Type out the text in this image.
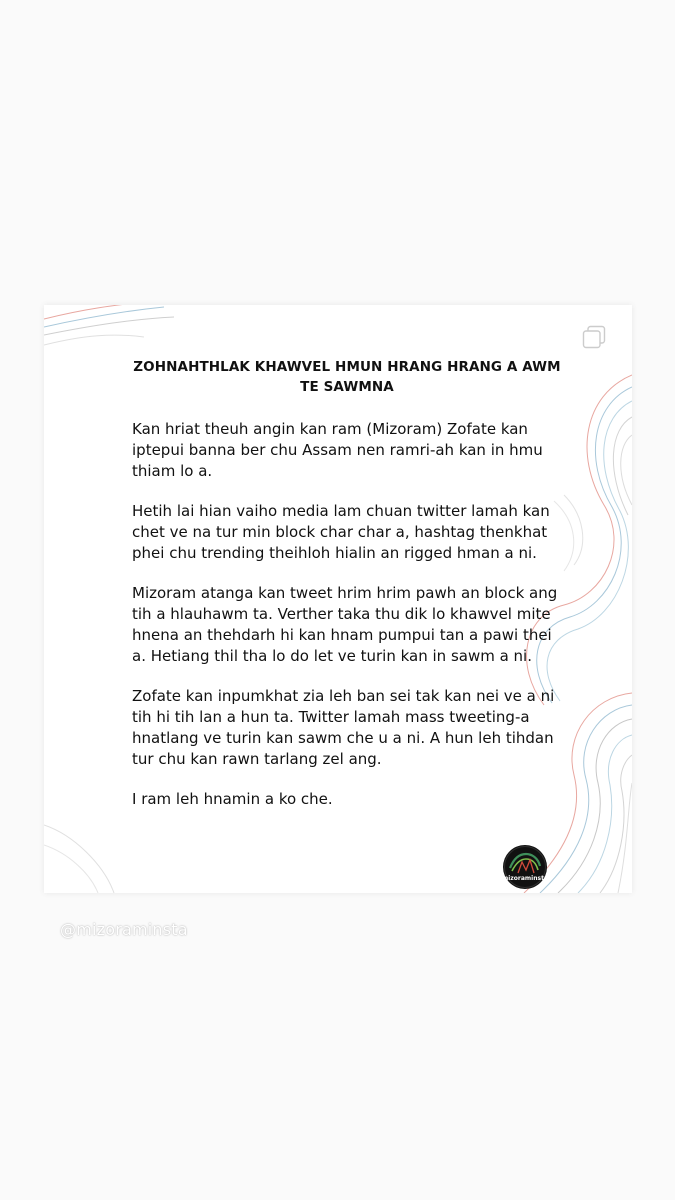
ZOHNAHTHLAK KHAWVEL HMUN HRANG HRANG A AWM TE SAWMNA

Kan hriat theuh angin kan ram (Mizoram) Zofate kan iptepui banna ber chu Assam nen ramri-ah kan in hmu thiam lo a.

Hetih lai hian vaiho media lam chuan twitter lamah kan chet ve na tur min block char char a, hashtag thenkhat phei chu trending theihloh hialin an rigged hman a ni.

Mizoram atanga kan tweet hrim hrim pawh an block ang tih a hlauhawm ta. Verther taka thu dik lo khawvel mite hnena an thehdarh hi kan hnam pumpui tan a pawi thei a. Hetiang thil tha lo do let ve turin kan in sawm a ni.

Zofate kan inpumkhat zia leh ban sei tak kan nei ve a ni tih hi tih lan a hun ta. Twitter lamah mass tweeting-a hnatlang ve turin kan sawm che u a ni. A hun leh tihdan tur chu kan rawn tarlang zel ang.

I ram leh hnamin a ko che.

mizoraminsta
@mizoraminsta
